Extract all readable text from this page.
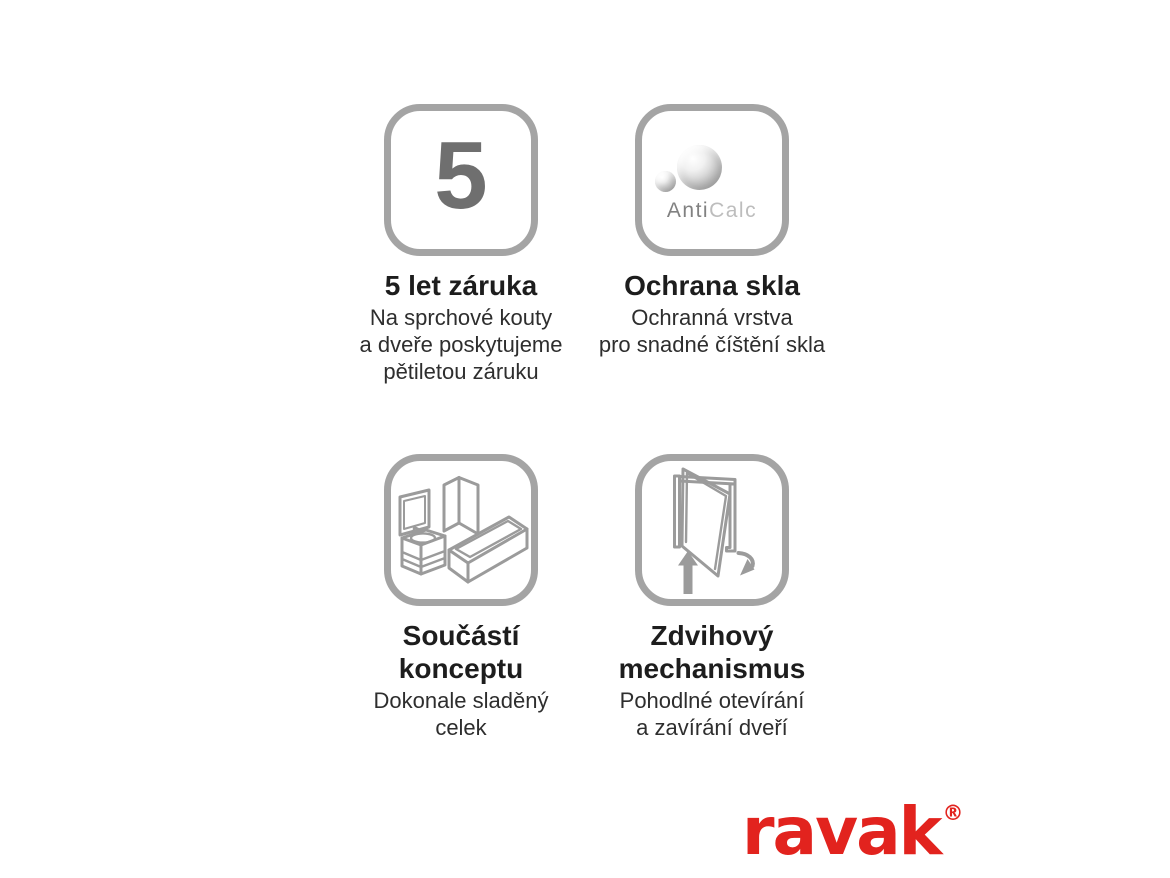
5
5 let záruka

Na sprchové kouty
a dveře poskytujeme
pětiletou záruku

AntiCalc
Ochrana skla

Ochranná vrstva
pro snadné číštění skla

Součástí
konceptu

Dokonale sladěný
celek

Zdvihový
mechanismus

Pohodlné otevírání
a zavírání dveří

ravak®
